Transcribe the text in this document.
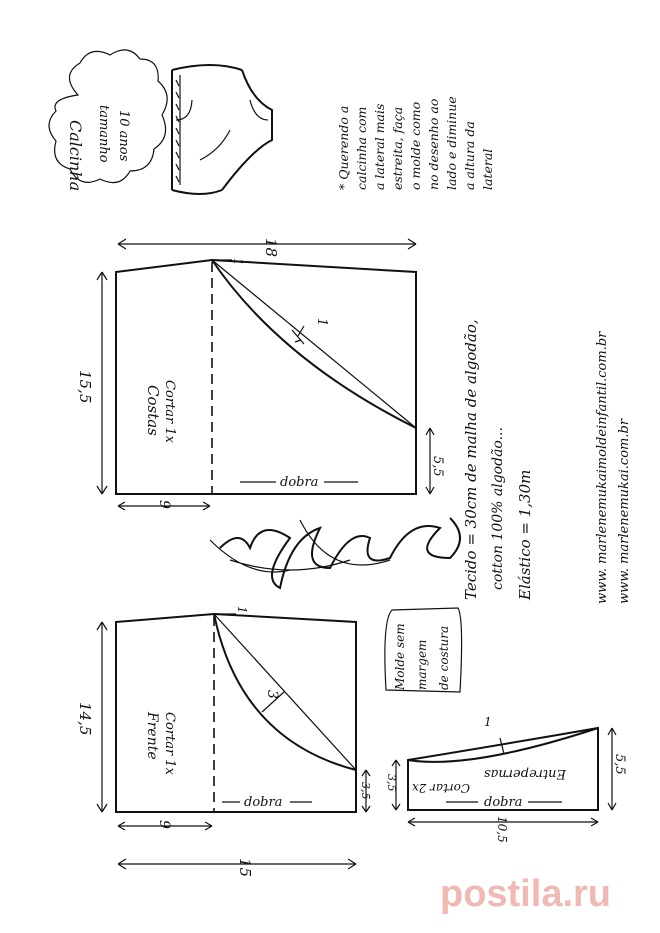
Calcinha tamanho 10 anos	* Querendo a calcinha com a lateral mais estreita, faça o molde como no desenho ao lado e diminue a altura da lateral
1
1
Costas Cortar 1x
dobra
18
15,5
9
5,5
3
1
Frente Cortar 1x
dobra
14,5
9
15
3,5
Molde sem margem de costura
1
Entrepernas
Cortar 2x
dobra
3,5
5,5
10,5
Tecido = 30cm de malha de algodão, cotton 100% algodão... Elástico = 1,30m	www. marlenemukaimoldeinfantil.com.br www. marlenemukai.com.br
postila.ru
